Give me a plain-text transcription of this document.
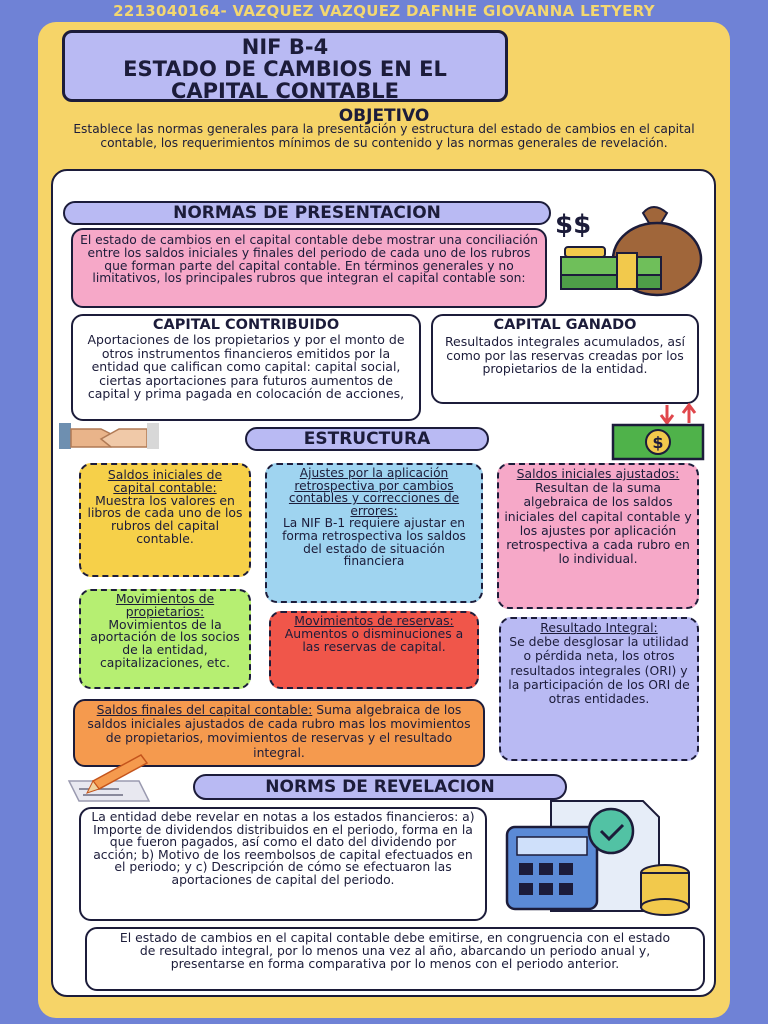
2213040164- VAZQUEZ VAZQUEZ DAFNHE GIOVANNA LETYERY
NIF B-4
ESTADO DE CAMBIOS EN EL
CAPITAL CONTABLE
OBJETIVO
Establece las normas generales para la presentación y estructura del estado de cambios en el capital contable, los requerimientos mínimos de su contenido y las normas generales de revelación.
NORMAS DE PRESENTACION
El estado de cambios en el capital contable debe mostrar una conciliación entre los saldos iniciales y finales del periodo de cada uno de los rubros que forman parte del capital contable. En términos generales y no limitativos, los principales rubros que integran el capital contable son:
$$
CAPITAL CONTRIBUIDO
Aportaciones de los propietarios y por el monto de otros instrumentos financieros emitidos por la entidad que califican como capital: capital social, ciertas aportaciones para futuros aumentos de capital y prima pagada en colocación de acciones,
CAPITAL GANADO
Resultados integrales acumulados, así como por las reservas creadas por los propietarios de la entidad.
$
ESTRUCTURA
Saldos iniciales de capital contable:
Muestra los valores en libros de cada uno de los rubros del capital contable.
Ajustes por la aplicación retrospectiva por cambios contables y correcciones de errores:
La NIF B-1 requiere ajustar en forma retrospectiva los saldos del estado de situación financiera
Saldos iniciales ajustados:
Resultan de la suma algebraica de los saldos iniciales del capital contable y los ajustes por aplicación retrospectiva a cada rubro en lo individual.
Movimientos de propietarios:
Movimientos de la aportación de los socios de la entidad, capitalizaciones, etc.
Movimientos de reservas:
Aumentos o disminuciones a las reservas de capital.
Resultado Integral:
Se debe desglosar la utilidad o pérdida neta, los otros resultados integrales (ORI) y la participación de los ORI de otras entidades.
Saldos finales del capital contable: Suma algebraica de los saldos iniciales ajustados de cada rubro mas los movimientos de propietarios, movimientos de reservas y el resultado integral.
NORMS DE REVELACION
La entidad debe revelar en notas a los estados financieros: a) Importe de dividendos distribuidos en el periodo, forma en la que fueron pagados, así como el dato del dividendo por acción; b) Motivo de los reembolsos de capital efectuados en el periodo; y c) Descripción de cómo se efectuaron las aportaciones de capital del periodo.
El estado de cambios en el capital contable debe emitirse, en congruencia con el estado de resultado integral, por lo menos una vez al año, abarcando un periodo anual y, presentarse en forma comparativa por lo menos con el periodo anterior.
